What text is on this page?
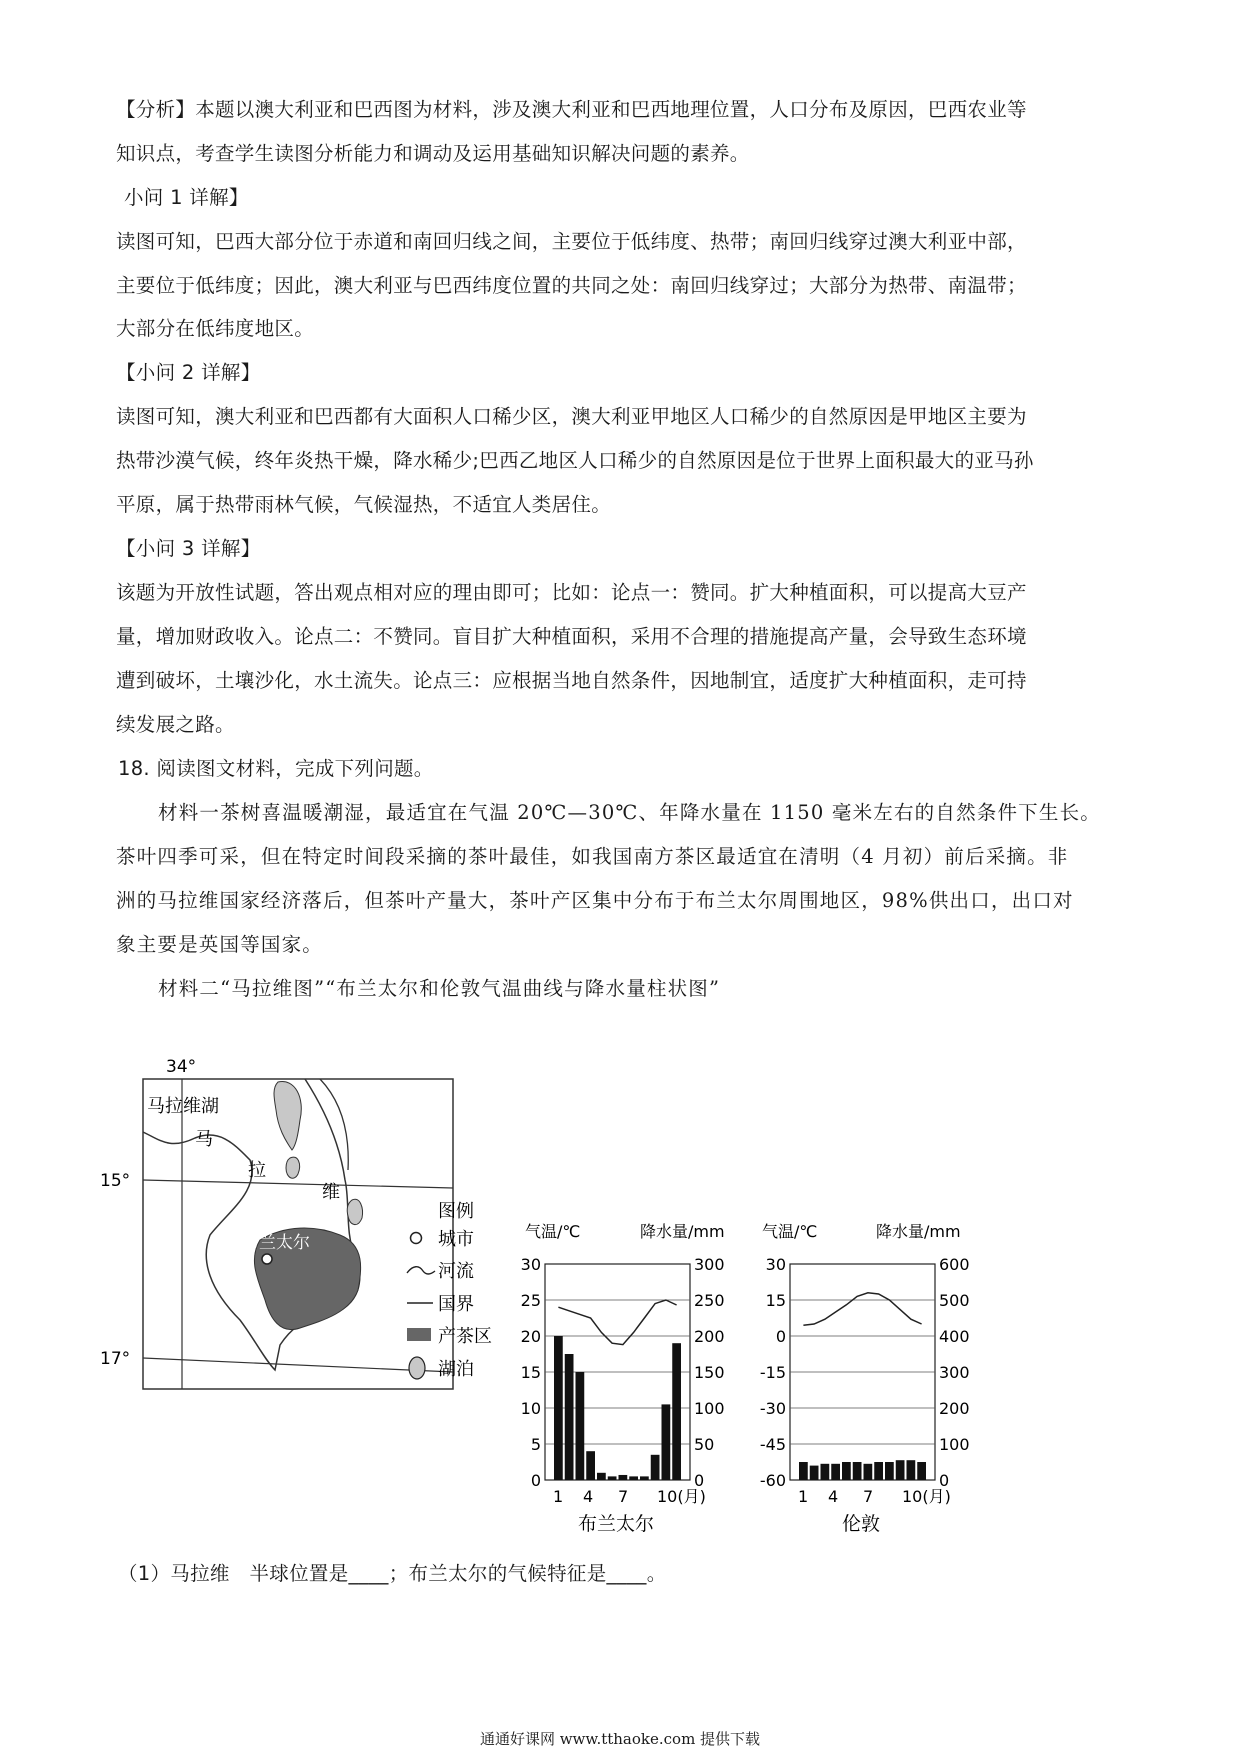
【分析】本题以澳大利亚和巴西图为材料，涉及澳大利亚和巴西地理位置，人口分布及原因，巴西农业等
知识点，考查学生读图分析能力和调动及运用基础知识解决问题的素养。
小问 1 详解】
读图可知，巴西大部分位于赤道和南回归线之间，主要位于低纬度、热带；南回归线穿过澳大利亚中部，
主要位于低纬度；因此，澳大利亚与巴西纬度位置的共同之处：南回归线穿过；大部分为热带、南温带；
大部分在低纬度地区。
【小问 2 详解】
读图可知，澳大利亚和巴西都有大面积人口稀少区，澳大利亚甲地区人口稀少的自然原因是甲地区主要为
热带沙漠气候，终年炎热干燥，降水稀少;巴西乙地区人口稀少的自然原因是位于世界上面积最大的亚马孙
平原，属于热带雨林气候，气候湿热，不适宜人类居住。
【小问 3 详解】
该题为开放性试题，答出观点相对应的理由即可；比如：论点一：赞同。扩大种植面积，可以提高大豆产
量，增加财政收入。论点二：不赞同。盲目扩大种植面积，采用不合理的措施提高产量，会导致生态环境
遭到破坏，土壤沙化，水土流失。论点三：应根据当地自然条件，因地制宜，适度扩大种植面积，走可持
续发展之路。
18. 阅读图文材料，完成下列问题。
材料一茶树喜温暖潮湿，最适宜在气温 20℃—30℃、年降水量在 1150 毫米左右的自然条件下生长。
茶叶四季可采，但在特定时间段采摘的茶叶最佳，如我国南方茶区最适宜在清明（4 月初）前后采摘。非
洲的马拉维国家经济落后，但茶叶产量大，茶叶产区集中分布于布兰太尔周围地区，98%供出口，出口对
象主要是英国等国家。
材料二“马拉维图”“布兰太尔和伦敦气温曲线与降水量柱状图”
34°
马拉维湖
马
拉
维
布兰太尔
15°
17°
图例
城市
河流
国界
产茶区
湖泊
气温/℃	降水量/mm
30	300
25	250
20	200
15	150
10	100
5	50
0	0
1 4 7 10(月)
布兰太尔
气温/℃	降水量/mm
30	600
15	500
0	400
-15	300
-30	200
-45	100
-60	0
1 4 7 10(月)
伦敦
（1）马拉维　半球位置是____；布兰太尔的气候特征是____。
通通好课网 www.tthaoke.com 提供下载
